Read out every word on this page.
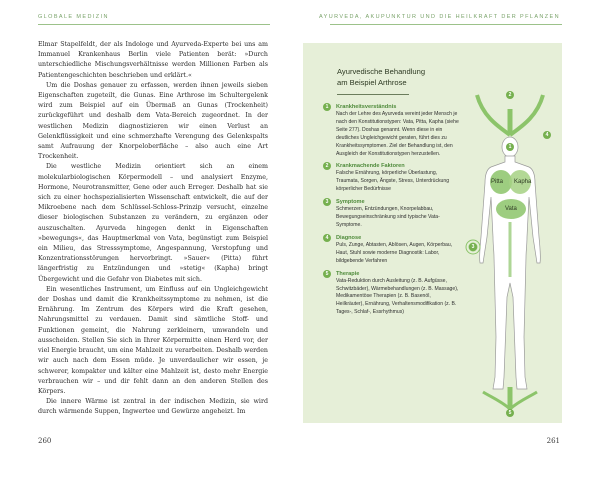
GLOBALE MEDIZIN	AYURVEDA, AKUPUNKTUR UND DIE HEILKRAFT DER PFLANZEN

Elmar Stapelfeldt, der als Indologe und Ayurveda-Experte bei uns am Immanuel Krankenhaus Berlin viele Patienten berät: »Durch unterschiedliche Mischungsverhältnisse werden Millionen Farben als Patientengeschichten beschrieben und erklärt.«

Um die Doshas genauer zu erfassen, werden ihnen jeweils sieben Eigenschaften zugeteilt, die Gunas. Eine Arthrose im Schultergelenk wird zum Beispiel auf ein Übermaß an Gunas (Trockenheit) zurückgeführt und deshalb dem Vata-Bereich zugeordnet. In der westlichen Medizin diagnostizieren wir einen Verlust an Gelenkflüssigkeit und eine schmerzhafte Verengung des Gelenkspalts samt Aufrauung der Knorpeloberfläche – also auch eine Art Trockenheit.

Die westliche Medizin orientiert sich an einem molekularbiologischen Körpermodell – und analysiert Enzyme, Hormone, Neurotransmitter, Gene oder auch Erreger. Deshalb hat sie sich zu einer hochspezialisierten Wissenschaft entwickelt, die auf der Mikroebene nach dem Schlüssel-Schloss-Prinzip versucht, einzelne dieser biologischen Substanzen zu verändern, zu ergänzen oder auszuschalten. Ayurveda hingegen denkt in Eigenschaften »bewegungs«, das Hauptmerkmal von Vata, begünstigt zum Beispiel ein Milieu, das Stresssymptome, Angespannung, Verstopfung und Konzentrationsstörungen hervorbringt. »Sauer« (Pitta) führt längerfristig zu Entzündungen und »stetig« (Kapha) bringt Übergewicht und die Gefahr von Diabetes mit sich.

Ein wesentliches Instrument, um Einfluss auf ein Ungleichgewicht der Doshas und damit die Krankheitssymptome zu nehmen, ist die Ernährung. Im Zentrum des Körpers wird die Kraft gesehen, Nahrungsmittel zu verdauen. Damit sind sämtliche Stoff- und Funktionen gemeint, die Nahrung zerkleinern, umwandeln und ausscheiden. Stellen Sie sich in Ihrer Körpermitte einen Herd vor, der viel Energie braucht, um eine Mahlzeit zu verarbeiten. Deshalb werden wir auch nach dem Essen müde. Je unverdaulicher wir essen, je schwerer, kompakter und kälter eine Mahlzeit ist, desto mehr Energie verbrauchen wir – und dir fehlt dann an den anderen Stellen des Körpers.

Die innere Wärme ist zentral in der indischen Medizin, sie wird durch wärmende Suppen, Ingwertee und Gewürze angeheizt. Im

260	261
Ayurvedische Behandlung
am Beispiel Arthrose
1	Krankheitsverständnis
Nach der Lehre des Ayurveda vereint jeder Mensch je nach den Konstitutionstypen: Vata, Pitta, Kapha (siehe Seite 277). Doshas genannt. Wenn diese in ein deutliches Ungleichgewicht geraten, führt dies zu Krankheitssymptomen. Ziel der Behandlung ist, den Ausgleich der Konstitutionstypen herzustellen.
2	Krankmachende Faktoren
Falsche Ernährung, körperliche Überlastung, Traumata, Sorgen, Ängste, Stress, Unterdrückung körperlicher Bedürfnisse
3	Symptome
Schmerzen, Entzündungen, Knorpelabbau, Bewegungseinschränkung sind typische Vata-Symptome.
4	Diagnose
Puls, Zunge, Abtasten, Ablösen, Augen, Körperbau, Haut, Stuhl sowie moderne Diagnostik: Labor, bildgebende Verfahren
5	Therapie
Vata-Reduktion durch Ausleitung (z. B. Aufgüsse, Schwitzbäder), Wärmebehandlungen (z. B. Massage), Medikamentöse Therapien (z. B. Basenöl, Heilkräuter), Ernährung, Verhaltensmodifikation (z. B. Tages-, Schlaf-, Essrhythmus)
Pitta Kapha
Vata
2
4
1
3
5
